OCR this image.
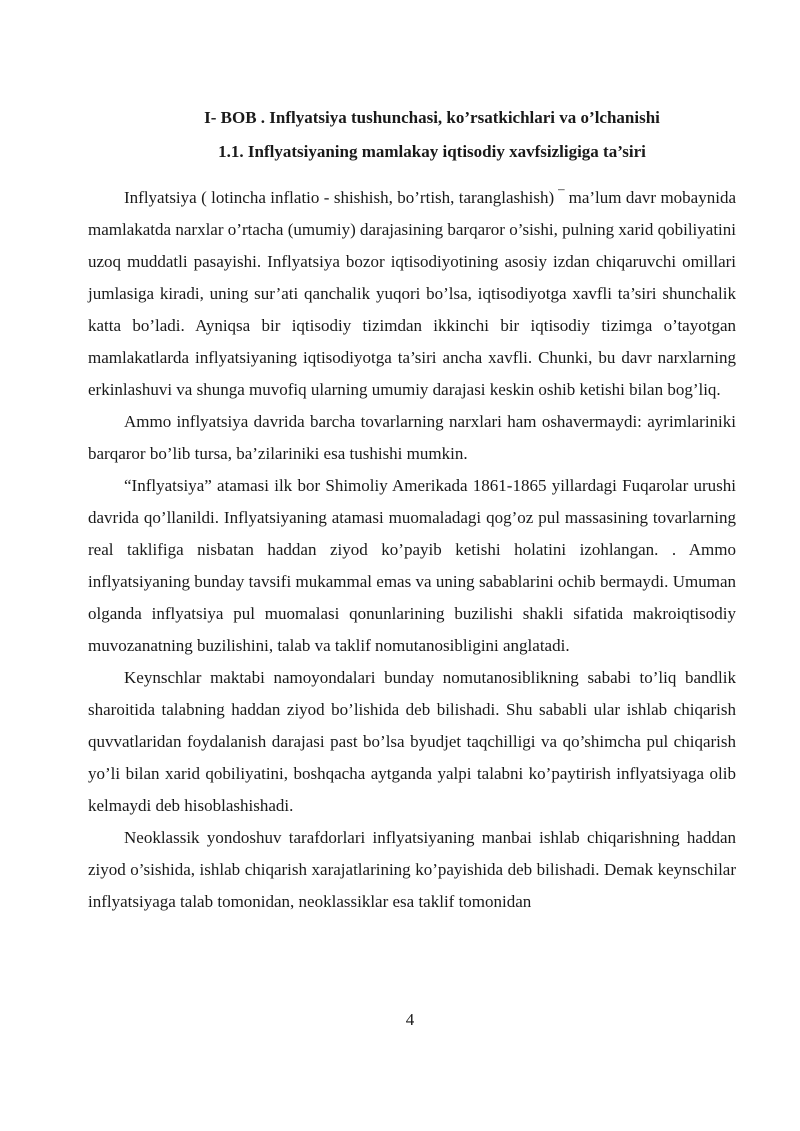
I- BOB . Inflyatsiya tushunchasi, ko’rsatkichlari va o’lchanishi
1.1. Inflyatsiyaning mamlakay iqtisodiy xavfsizligiga ta’siri

Inflyatsiya ( lotincha inflatio - shishish, bo’rtish, taranglashish) ‾ ma’lum davr mobaynida mamlakatda narxlar o’rtacha (umumiy) darajasining barqaror o’sishi, pulning xarid qobiliyatini uzoq muddatli pasayishi. Inflyatsiya bozor iqtisodiyotining asosiy izdan chiqaruvchi omillari jumlasiga kiradi, uning sur’ati qanchalik yuqori bo’lsa, iqtisodiyotga xavfli ta’siri shunchalik katta bo’ladi. Ayniqsa bir iqtisodiy tizimdan ikkinchi bir iqtisodiy tizimga o’tayotgan mamlakatlarda inflyatsiyaning iqtisodiyotga ta’siri ancha xavfli. Chunki, bu davr narxlarning erkinlashuvi va shunga muvofiq ularning umumiy darajasi keskin oshib ketishi bilan bog’liq.

Ammo inflyatsiya davrida barcha tovarlarning narxlari ham oshavermaydi: ayrimlariniki barqaror bo’lib tursa, ba’zilariniki esa tushishi mumkin.

“Inflyatsiya” atamasi ilk bor Shimoliy Amerikada 1861-1865 yillardagi Fuqarolar urushi davrida qo’llanildi. Inflyatsiyaning atamasi muomaladagi qog’oz pul massasining tovarlarning real taklifiga nisbatan haddan ziyod ko’payib ketishi holatini izohlangan. . Ammo inflyatsiyaning bunday tavsifi mukammal emas va uning sabablarini ochib bermaydi. Umuman olganda inflyatsiya pul muomalasi qonunlarining buzilishi shakli sifatida makroiqtisodiy muvozanatning buzilishini, talab va taklif nomutanosibligini anglatadi.

Keynschlar maktabi namoyondalari bunday nomutanosiblikning sababi to’liq bandlik sharoitida talabning haddan ziyod bo’lishida deb bilishadi. Shu sababli ular ishlab chiqarish quvvatlaridan foydalanish darajasi past bo’lsa byudjet taqchilligi va qo’shimcha pul chiqarish yo’li bilan xarid qobiliyatini, boshqacha aytganda yalpi talabni ko’paytirish inflyatsiyaga olib kelmaydi deb hisoblashishadi.

Neoklassik yondoshuv tarafdorlari inflyatsiyaning manbai ishlab chiqarishning haddan ziyod o’sishida, ishlab chiqarish xarajatlarining ko’payishida deb bilishadi. Demak keynschilar inflyatsiyaga talab tomonidan, neoklassiklar esa taklif tomonidan

4
